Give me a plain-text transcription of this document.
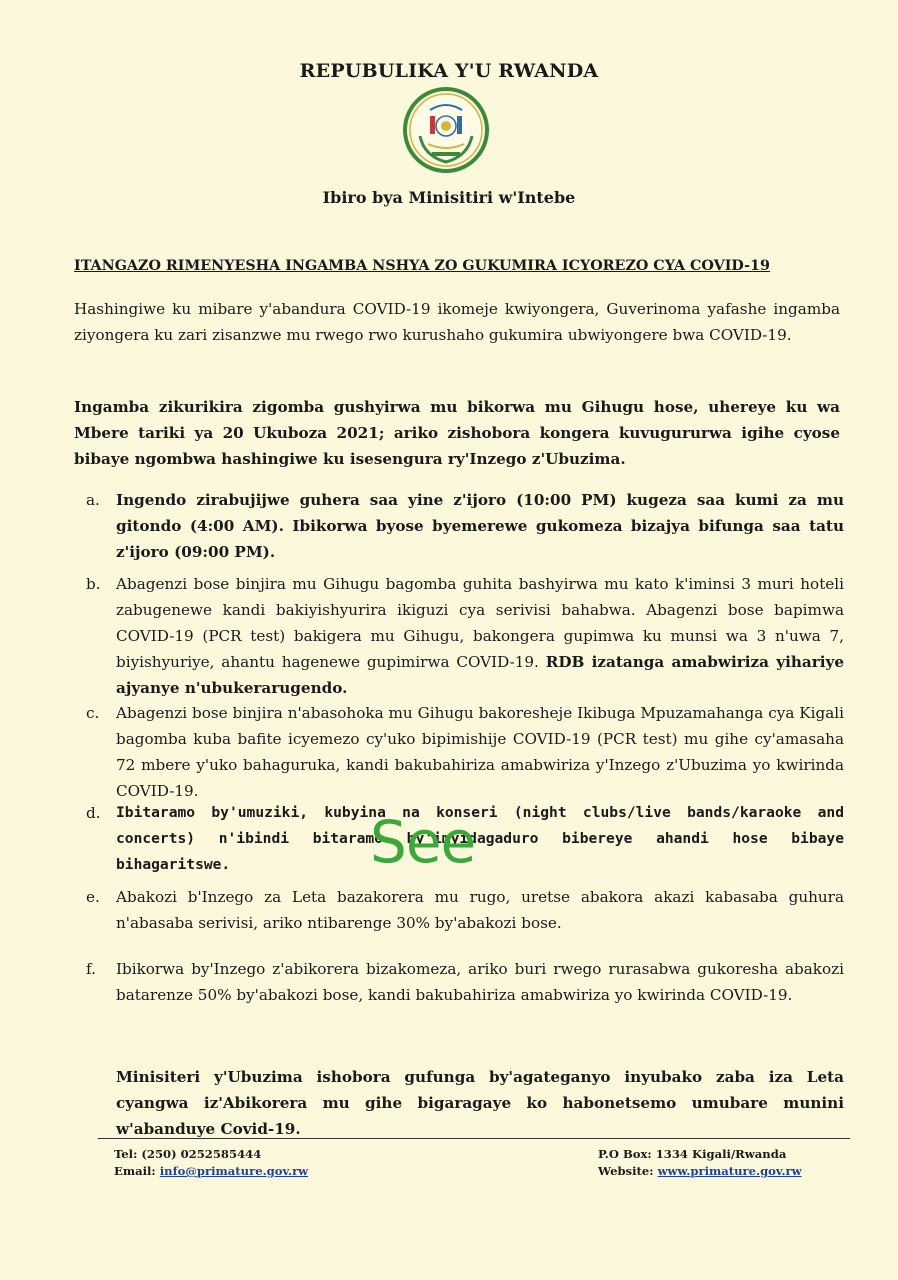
REPUBULIKA Y'U RWANDA
Ibiro bya Minisitiri w'Intebe
ITANGAZO RIMENYESHA INGAMBA NSHYA ZO GUKUMIRA ICYOREZO CYA COVID-19
Hashingiwe ku mibare y'abandura COVID-19 ikomeje kwiyongera, Guverinoma yafashe ingamba ziyongera ku zari zisanzwe mu rwego rwo kurushaho gukumira ubwiyongere bwa COVID-19.
Ingamba zikurikira zigomba gushyirwa mu bikorwa mu Gihugu hose, uhereye ku wa Mbere tariki ya 20 Ukuboza 2021; ariko zishobora kongera kuvugururwa igihe cyose bibaye ngombwa hashingiwe ku isesengura ry'Inzego z'Ubuzima.
a.	Ingendo zirabujijwe guhera saa yine z'ijoro (10:00 PM) kugeza saa kumi za mu gitondo (4:00 AM). Ibikorwa byose byemerewe gukomeza bizajya bifunga saa tatu z'ijoro (09:00 PM).
b.	Abagenzi bose binjira mu Gihugu bagomba guhita bashyirwa mu kato k'iminsi 3 muri hoteli zabugenewe kandi bakiyishyurira ikiguzi cya serivisi bahabwa. Abagenzi bose bapimwa COVID-19 (PCR test) bakigera mu Gihugu, bakongera gupimwa ku munsi wa 3 n'uwa 7, biyishyuriye, ahantu hagenewe gupimirwa COVID-19. RDB izatanga amabwiriza yihariye ajyanye n'ubukerarugendo.
c.	Abagenzi bose binjira n'abasohoka mu Gihugu bakoresheje Ikibuga Mpuzamahanga cya Kigali bagomba kuba bafite icyemezo cy'uko bipimishije COVID-19 (PCR test) mu gihe cy'amasaha 72 mbere y'uko bahaguruka, kandi bakubahiriza amabwiriza y'Inzego z'Ubuzima yo kwirinda COVID-19.
d.	Ibitaramo by'umuziki, kubyina na konseri (night clubs/live bands/karaoke and concerts) n'ibindi bitaramo by'imyidagaduro bibereye ahandi hose bibaye bihagaritswe.
e.	Abakozi b'Inzego za Leta bazakorera mu rugo, uretse abakora akazi kabasaba guhura n'abasaba serivisi, ariko ntibarenge 30% by'abakozi bose.
f.	Ibikorwa by'Inzego z'abikorera bizakomeza, ariko buri rwego rurasabwa gukoresha abakozi batarenze 50% by'abakozi bose, kandi bakubahiriza amabwiriza yo kwirinda COVID-19.
Minisiteri y'Ubuzima ishobora gufunga by'agateganyo inyubako zaba iza Leta cyangwa iz'Abikorera mu gihe bigaragaye ko habonetsemo umubare munini w'abanduye Covid-19.
Tel: (250) 0252585444
Email: info@primature.gov.rw
P.O Box: 1334 Kigali/Rwanda
Website: www.primature.gov.rw
See
